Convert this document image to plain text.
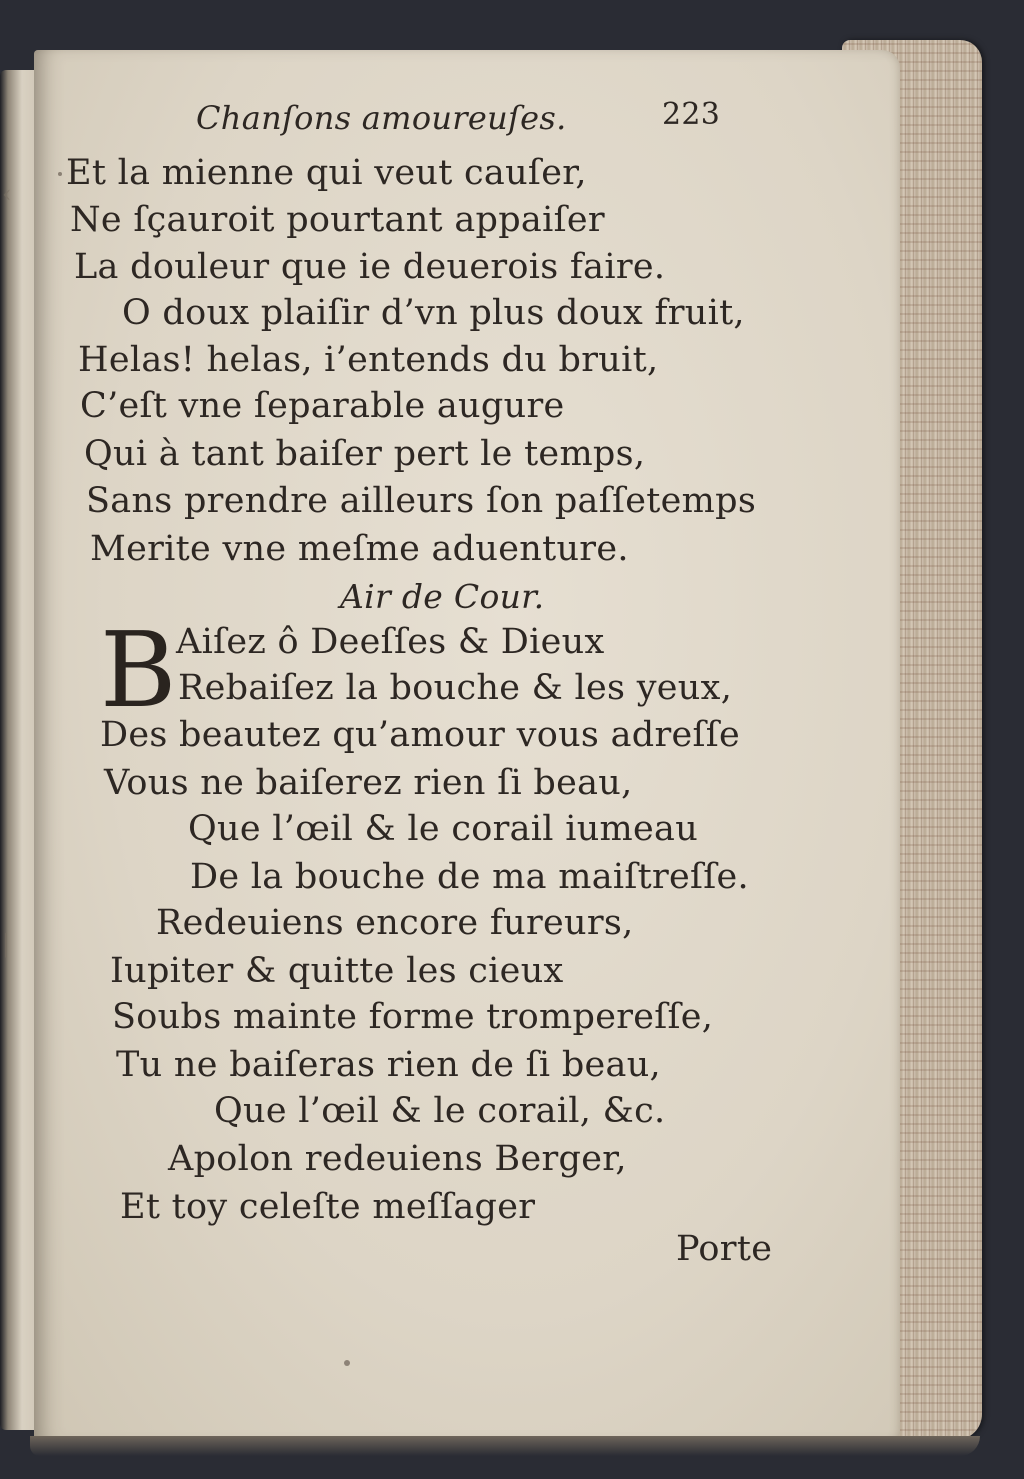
‹
|
Chanſons amoureuſes.	223
Et la mienne qui veut cauſer,
Ne ſçauroit pourtant appaiſer
La douleur que ie deuerois faire.
O doux plaiſir d’vn plus doux fruit,
Helas! helas, i’entends du bruit,
C’eſt vne ſeparable augure
Qui à tant baiſer pert le temps,
Sans prendre ailleurs ſon paſſetemps
Merite vne meſme aduenture.
Air de Cour.
B Aiſez ô Deeſſes & Dieux
Rebaiſez la bouche & les yeux,
Des beautez qu’amour vous adreſſe
Vous ne baiſerez rien ſi beau,
Que l’œil & le corail iumeau
De la bouche de ma maiſtreſſe.
Redeuiens encore fureurs,
Iupiter & quitte les cieux
Soubs mainte forme trompereſſe,
Tu ne baiſeras rien de ſi beau,
Que l’œil & le corail, &c.
Apolon redeuiens Berger,
Et toy celeſte meſſager
Porte
